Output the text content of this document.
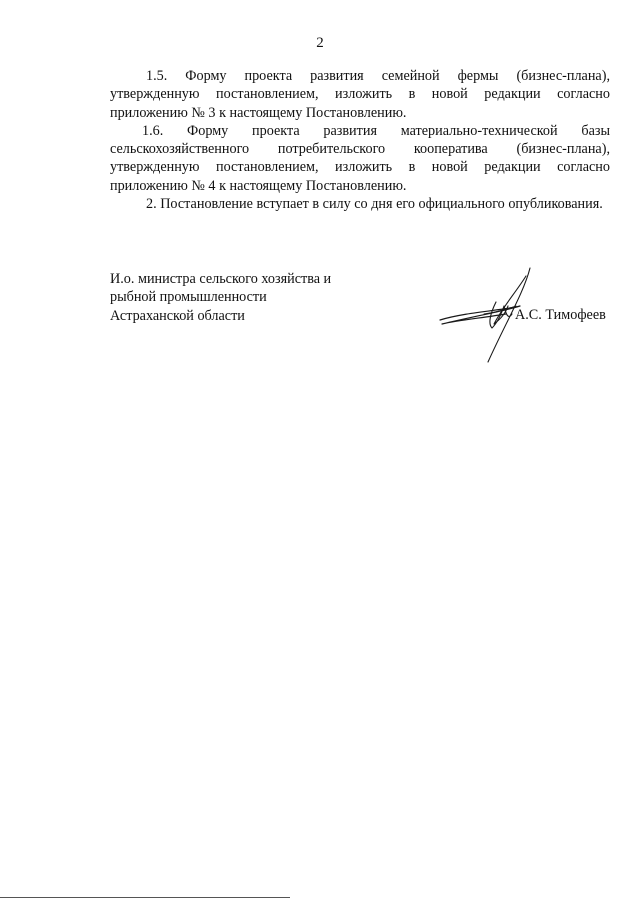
2

1.5. Форму проекта развития семейной фермы (бизнес-плана), утвержденную постановлением, изложить в новой редакции согласно приложению № 3 к настоящему Постановлению.

1.6. Форму проекта развития материально-технической базы сельскохозяйственного потребительского кооператива (бизнес-плана), утвержденную постановлением, изложить в новой редакции согласно приложению № 4 к настоящему Постановлению.

2. Постановление вступает в силу со дня его официального опубликования.

И.о. министра сельского хозяйства и
рыбной промышленности
Астраханской области	А.С. Тимофеев
